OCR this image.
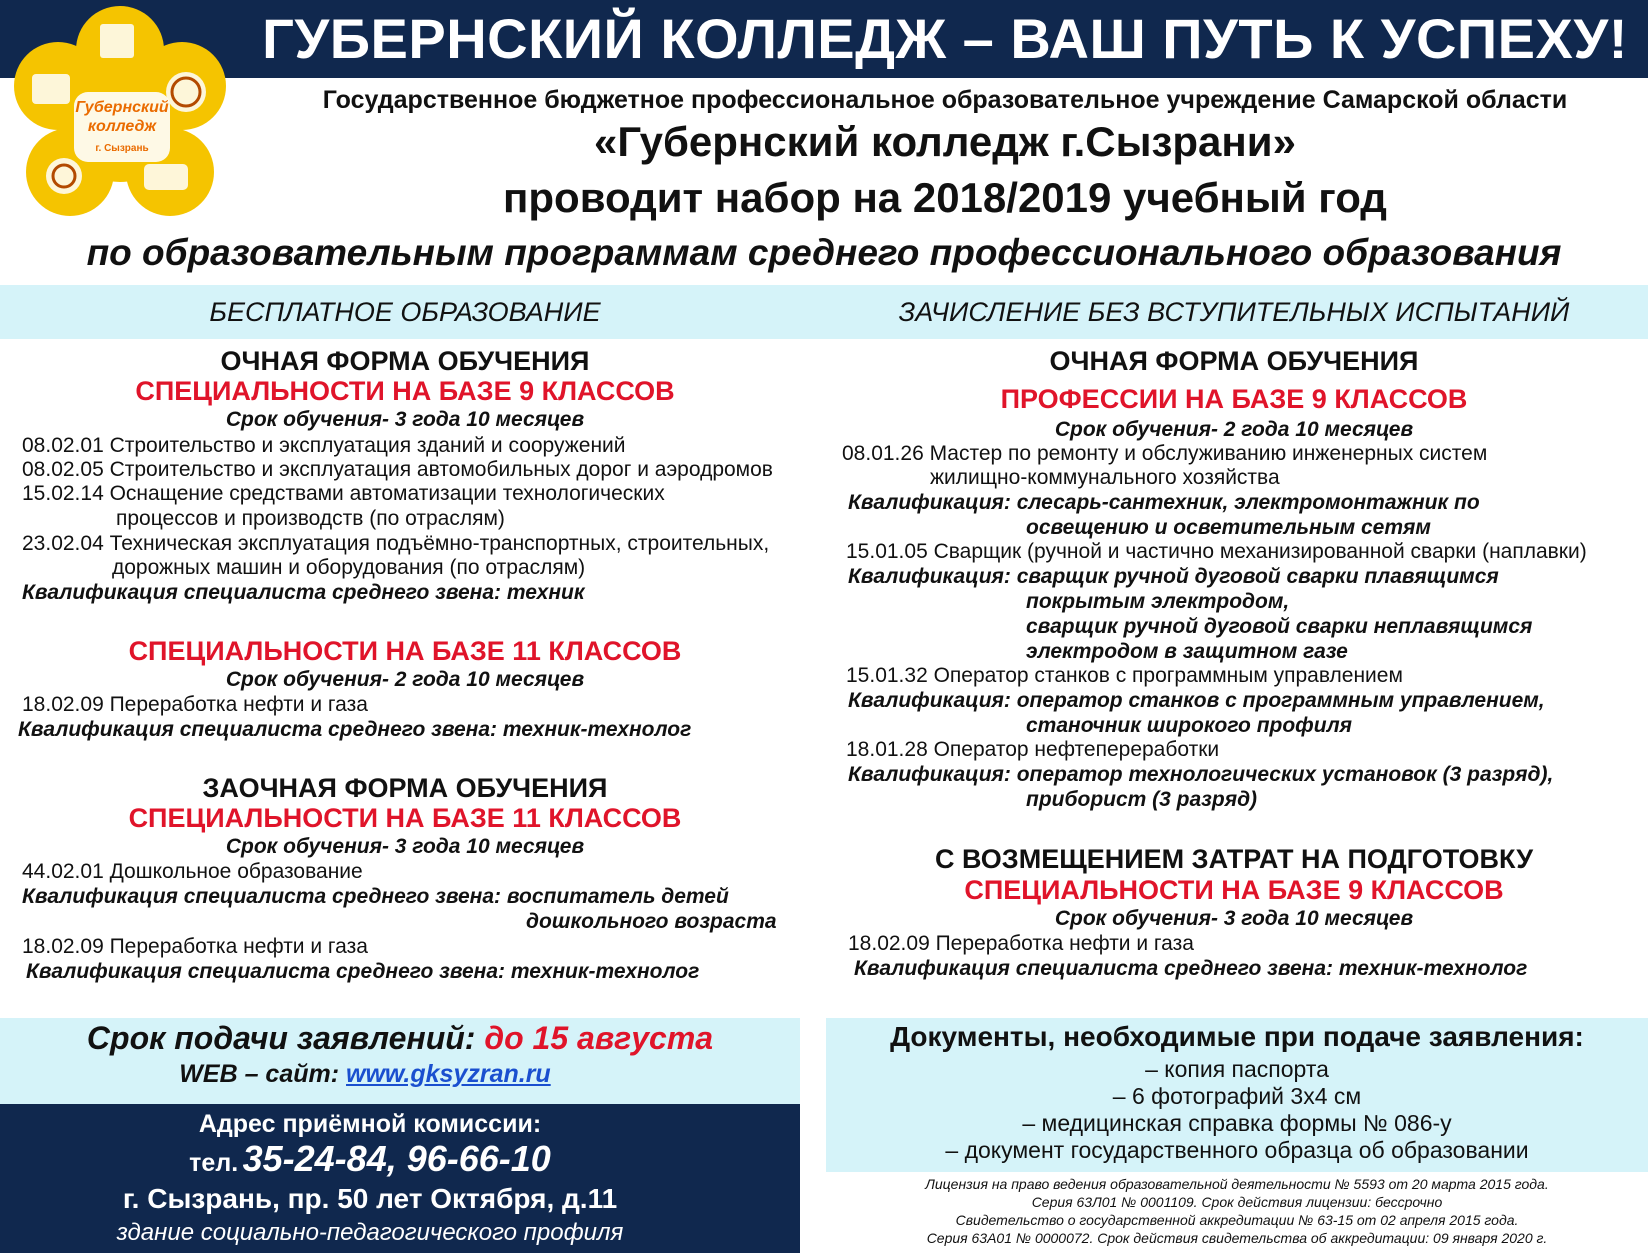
Губернский
колледж
г. Сызрань
ГУБЕРНСКИЙ КОЛЛЕДЖ – ВАШ ПУТЬ К УСПЕХУ!
Государственное бюджетное профессиональное образовательное учреждение Самарской области
«Губернский колледж г.Сызрани»
проводит набор на 2018/2019 учебный год
по образовательным программам среднего профессионального образования
БЕСПЛАТНОЕ ОБРАЗОВАНИЕ	ЗАЧИСЛЕНИЕ БЕЗ ВСТУПИТЕЛЬНЫХ ИСПЫТАНИЙ
ОЧНАЯ ФОРМА ОБУЧЕНИЯ
СПЕЦИАЛЬНОСТИ НА БАЗЕ 9 КЛАССОВ
Срок обучения- 3 года 10 месяцев
08.02.01 Строительство и эксплуатация зданий и сооружений
08.02.05 Строительство и эксплуатация автомобильных дорог и аэродромов
15.02.14 Оснащение средствами автоматизации технологических
процессов и производств (по отраслям)
23.02.04 Техническая эксплуатация подъёмно-транспортных, строительных,
дорожных машин и оборудования (по отраслям)
Квалификация специалиста среднего звена: техник
СПЕЦИАЛЬНОСТИ НА БАЗЕ 11 КЛАССОВ
Срок обучения- 2 года 10 месяцев
18.02.09 Переработка нефти и газа
Квалификация специалиста среднего звена: техник-технолог
ЗАОЧНАЯ ФОРМА ОБУЧЕНИЯ
СПЕЦИАЛЬНОСТИ НА БАЗЕ 11 КЛАССОВ
Срок обучения- 3 года 10 месяцев
44.02.01 Дошкольное образование
Квалификация специалиста среднего звена: воспитатель детей
дошкольного возраста
18.02.09 Переработка нефти и газа
Квалификация специалиста среднего звена: техник-технолог
ОЧНАЯ ФОРМА ОБУЧЕНИЯ
ПРОФЕССИИ НА БАЗЕ 9 КЛАССОВ
Срок обучения- 2 года 10 месяцев
08.01.26 Мастер по ремонту и обслуживанию инженерных систем
жилищно-коммунального хозяйства
Квалификация: слесарь-сантехник, электромонтажник по
освещению и осветительным сетям
15.01.05 Сварщик (ручной и частично механизированной сварки (наплавки)
Квалификация: сварщик ручной дуговой сварки плавящимся
покрытым электродом,
сварщик ручной дуговой сварки неплавящимся
электродом в защитном газе
15.01.32 Оператор станков с программным управлением
Квалификация: оператор станков с программным управлением,
станочник широкого профиля
18.01.28 Оператор нефтепереработки
Квалификация: оператор технологических установок (3 разряд),
приборист (3 разряд)
С ВОЗМЕЩЕНИЕМ ЗАТРАТ НА ПОДГОТОВКУ
СПЕЦИАЛЬНОСТИ НА БАЗЕ 9 КЛАССОВ
Срок обучения- 3 года 10 месяцев
18.02.09 Переработка нефти и газа
Квалификация специалиста среднего звена: техник-технолог
Срок подачи заявлений: до 15 августа
WEB – сайт: www.gksyzran.ru
Адрес приёмной комиссии:
тел. 35-24-84, 96-66-10
г. Сызрань, пр. 50 лет Октября, д.11
здание социально-педагогического профиля
Документы, необходимые при подаче заявления:
– копия паспорта
– 6 фотографий 3х4 см
– медицинская справка формы № 086-у
– документ государственного образца об образовании
Лицензия на право ведения образовательной деятельности № 5593 от 20 марта 2015 года.
Серия 63Л01 № 0001109. Срок действия лицензии: бессрочно
Свидетельство о государственной аккредитации № 63-15 от 02 апреля 2015 года.
Серия 63А01 № 0000072. Срок действия свидетельства об аккредитации: 09 января 2020 г.
